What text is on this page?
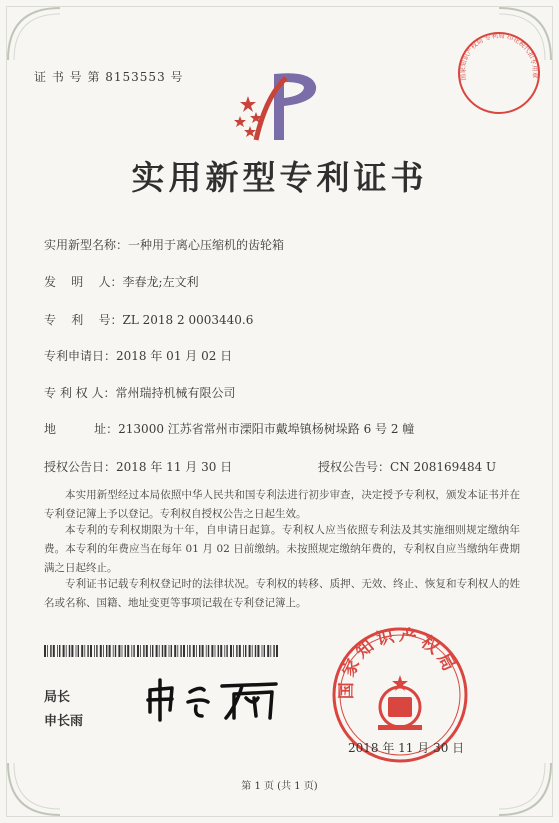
证 书 号 第 8153553 号
实用新型专利证书
实用新型名称：一种用于离心压缩机的齿轮箱
发    明    人：李春龙;左文利
专    利    号：ZL 2018 2 0003440.6
专利申请日：2018 年 01 月 02 日
专 利 权 人：常州瑞持机械有限公司
地          址：213000 江苏省常州市溧阳市戴埠镇杨树垛路 6 号 2 幢
授权公告日：2018 年 11 月 30 日	授权公告号：CN 208169484 U
本实用新型经过本局依照中华人民共和国专利法进行初步审查，决定授予专利权，颁发本证书并在专利登记簿上予以登记。专利权自授权公告之日起生效。
本专利的专利权期限为十年，自申请日起算。专利权人应当依照专利法及其实施细则规定缴纳年费。本专利的年费应当在每年 01 月 02 日前缴纳。未按照规定缴纳年费的，专利权自应当缴纳年费期满之日起终止。
专利证书记载专利权登记时的法律状况。专利权的转移、质押、无效、终止、恢复和专利权人的姓名或名称、国籍、地址变更等事项记载在专利登记簿上。
局长
申长雨
国家知识产权局
2018 年 11 月 30 日
国家知识产权局 专利局 印花税代扣专用章
第 1 页 (共 1 页)
